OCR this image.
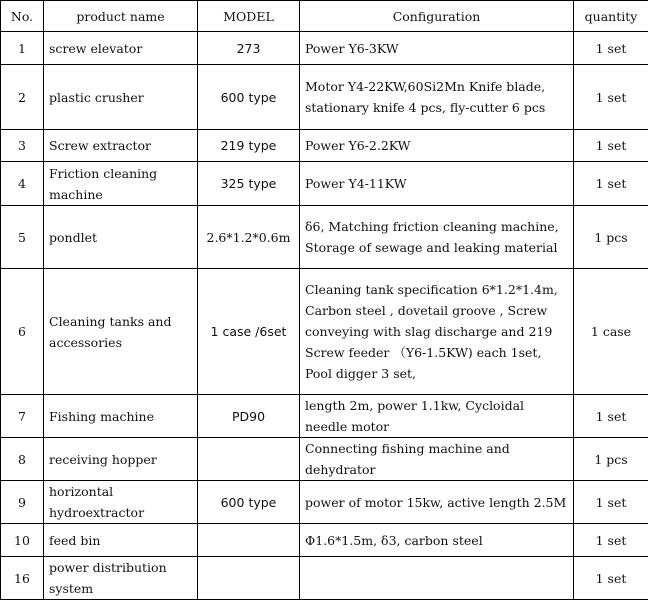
No.	product name	MODEL	Configuration	quantity
1	screw elevator	273	Power Y6-3KW	1 set
2	plastic crusher	600 type	Motor Y4-22KW,60Si2Mn Knife blade, stationary knife 4 pcs, fly-cutter 6 pcs	1 set
3	Screw extractor	219 type	Power Y6-2.2KW	1 set
4	Friction cleaning machine	325 type	Power Y4-11KW	1 set
5	pondlet	2.6*1.2*0.6m	δ6, Matching friction cleaning machine, Storage of sewage and leaking material	1 pcs
6	Cleaning tanks and accessories	1 case /6set	Cleaning tank specification 6*1.2*1.4m, Carbon steel , dovetail groove , Screw conveying with slag discharge and 219 Screw feeder （Y6-1.5KW) each 1set, Pool digger 3 set,	1 case
7	Fishing machine	PD90	length 2m, power 1.1kw, Cycloidal needle motor	1 set
8	receiving hopper		Connecting fishing machine and dehydrator	1 pcs
9	horizontal hydroextractor	600 type	power of motor 15kw, active length 2.5M	1 set
10	feed bin		Φ1.6*1.5m, δ3, carbon steel	1 set
16	power distribution system			1 set
